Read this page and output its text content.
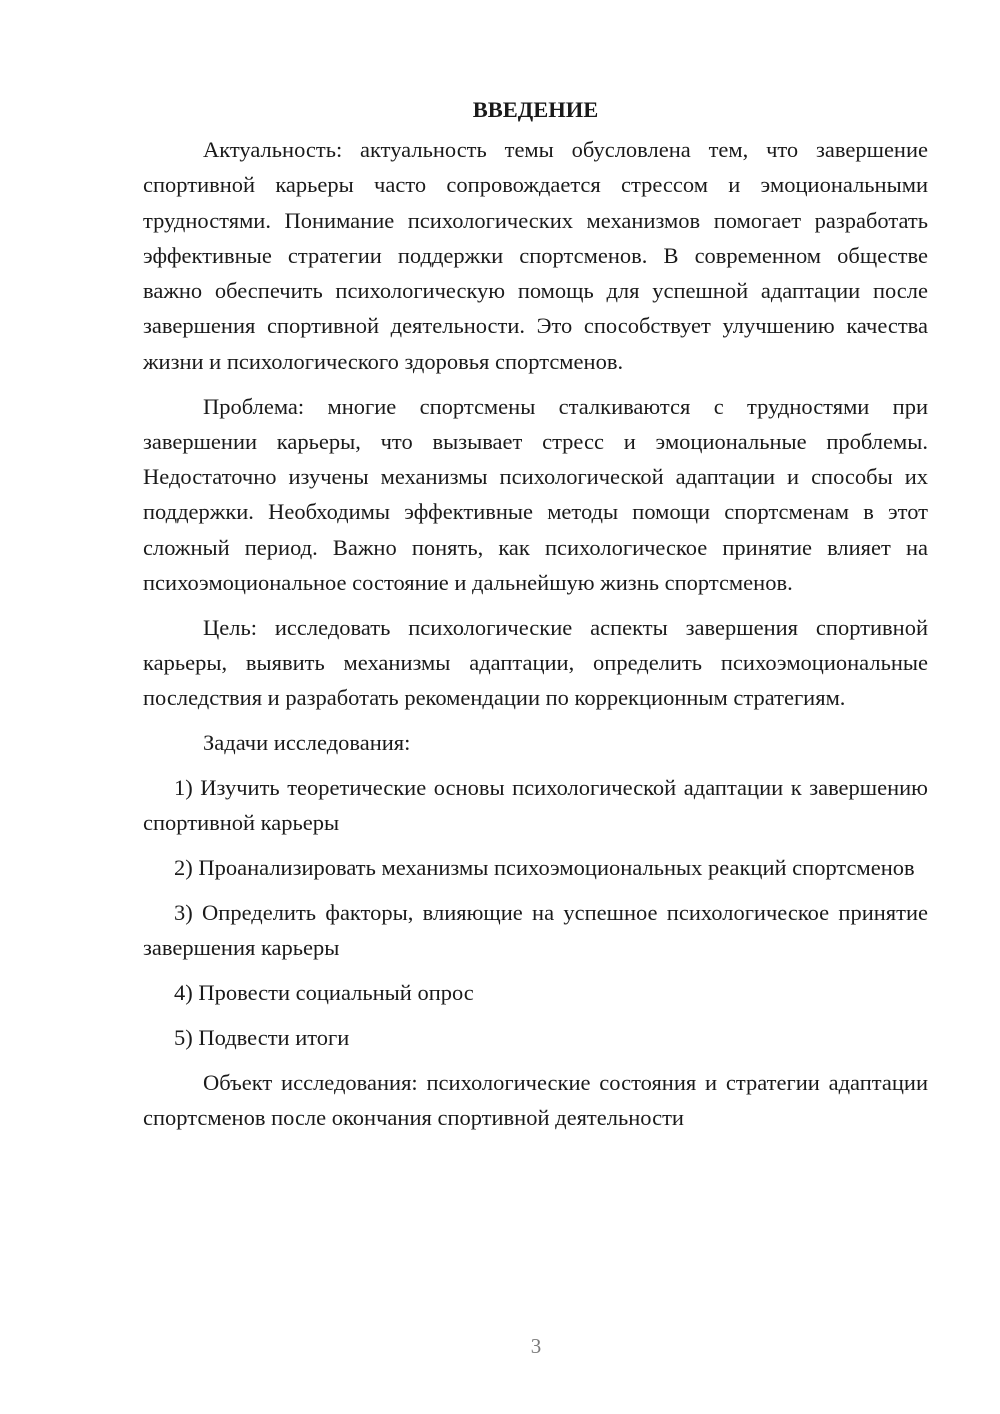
ВВЕДЕНИЕ

Актуальность: актуальность темы обусловлена тем, что завершение спортивной карьеры часто сопровождается стрессом и эмоциональными трудностями. Понимание психологических механизмов помогает разработать эффективные стратегии поддержки спортсменов. В современном обществе важно обеспечить психологическую помощь для успешной адаптации после завершения спортивной деятельности. Это способствует улучшению качества жизни и психологического здоровья спортсменов.

Проблема: многие спортсмены сталкиваются с трудностями при завершении карьеры, что вызывает стресс и эмоциональные проблемы. Недостаточно изучены механизмы психологической адаптации и способы их поддержки. Необходимы эффективные методы помощи спортсменам в этот сложный период. Важно понять, как психологическое принятие влияет на психоэмоциональное состояние и дальнейшую жизнь спортсменов.

Цель: исследовать психологические аспекты завершения спортивной карьеры, выявить механизмы адаптации, определить психоэмоциональные последствия и разработать рекомендации по коррекционным стратегиям.

Задачи исследования:

1) Изучить теоретические основы психологической адаптации к завершению спортивной карьеры

2) Проанализировать механизмы психоэмоциональных реакций спортсменов

3) Определить факторы, влияющие на успешное психологическое принятие завершения карьеры

4) Провести социальный опрос

5) Подвести итоги

Объект исследования: психологические состояния и стратегии адаптации спортсменов после окончания спортивной деятельности

3
